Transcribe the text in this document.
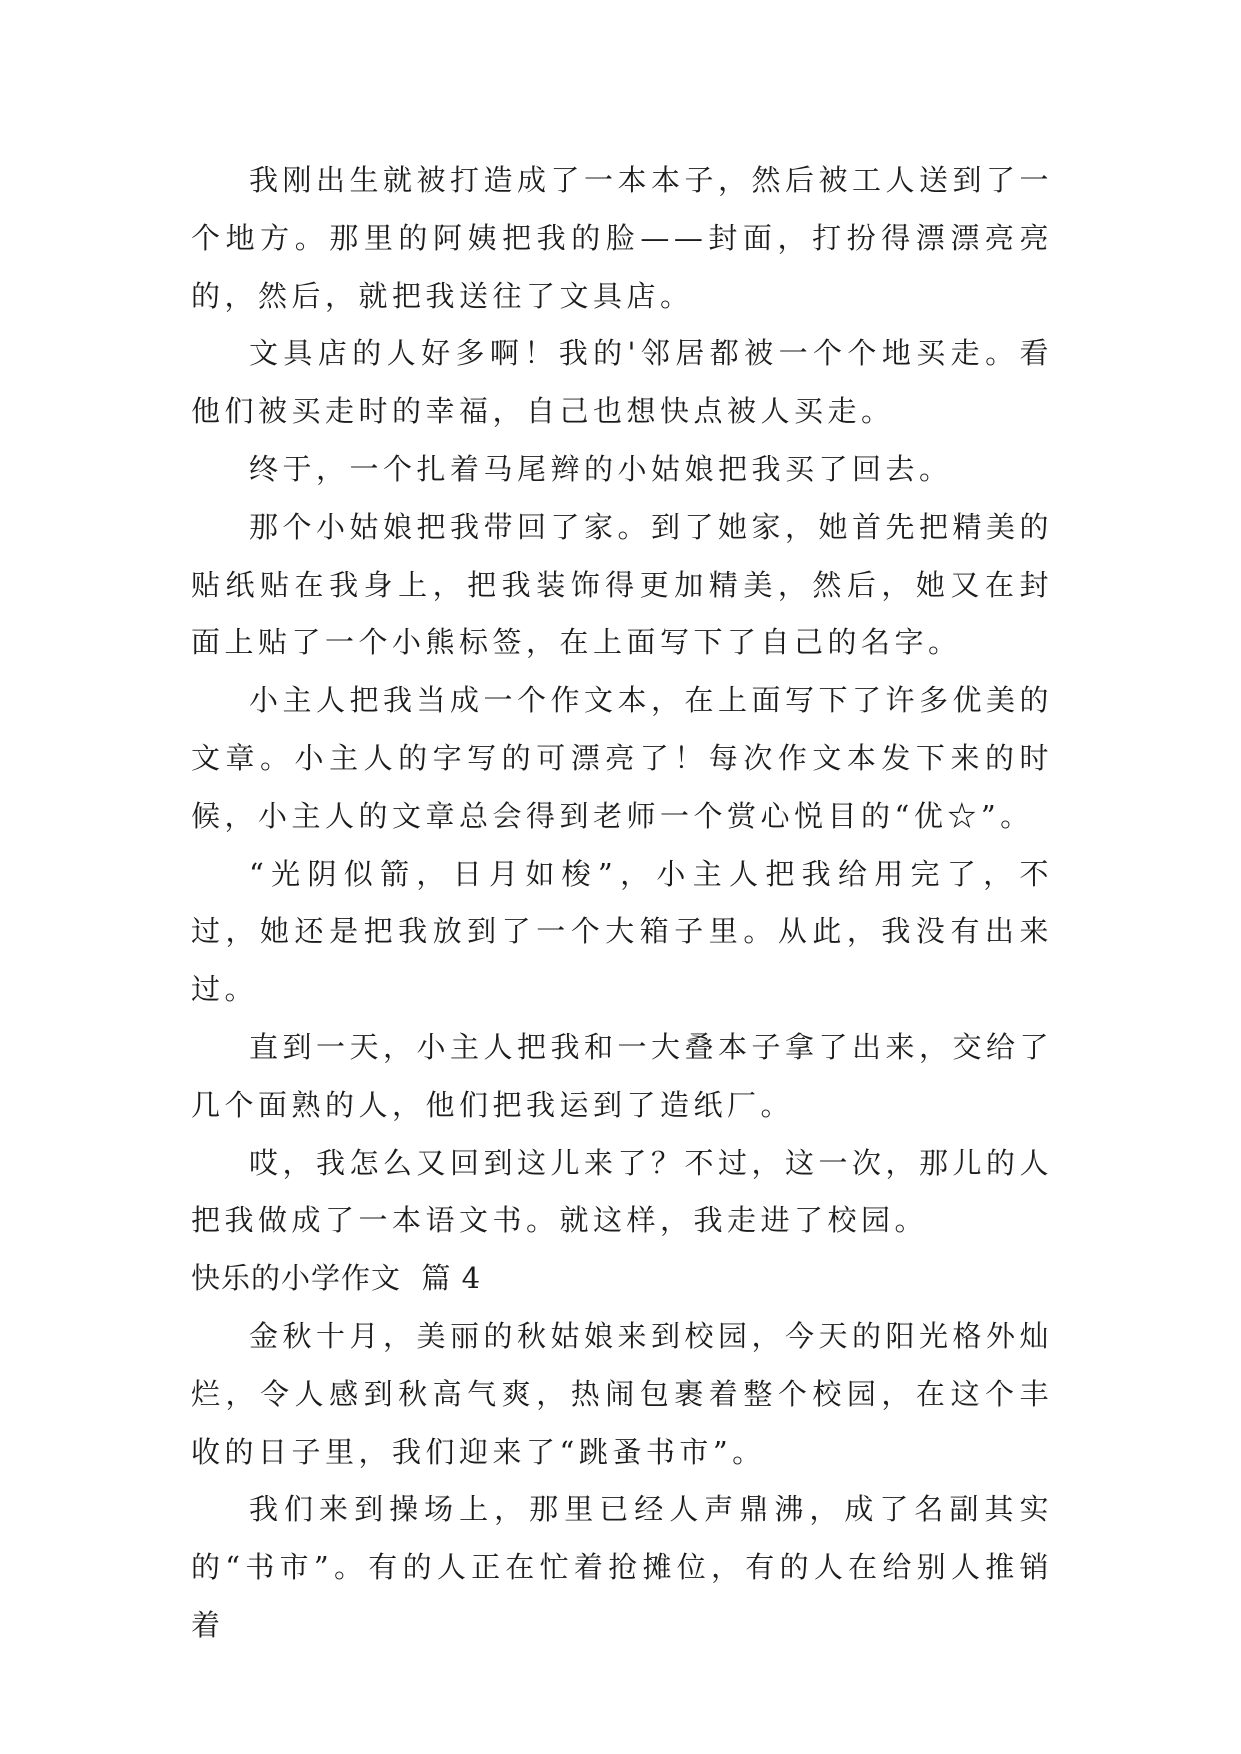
我刚出生就被打造成了一本本子，然后被工人送到了一个地方。那里的阿姨把我的脸——封面，打扮得漂漂亮亮的，然后，就把我送往了文具店。

文具店的人好多啊！我的'邻居都被一个个地买走。看他们被买走时的幸福，自己也想快点被人买走。

终于，一个扎着马尾辫的小姑娘把我买了回去。

那个小姑娘把我带回了家。到了她家，她首先把精美的贴纸贴在我身上，把我装饰得更加精美，然后，她又在封面上贴了一个小熊标签，在上面写下了自己的名字。

小主人把我当成一个作文本，在上面写下了许多优美的文章。小主人的字写的可漂亮了！每次作文本发下来的时候，小主人的文章总会得到老师一个赏心悦目的“优☆”。

“光阴似箭，日月如梭”，小主人把我给用完了，不过，她还是把我放到了一个大箱子里。从此，我没有出来过。

直到一天，小主人把我和一大叠本子拿了出来，交给了几个面熟的人，他们把我运到了造纸厂。

哎，我怎么又回到这儿来了？不过，这一次，那儿的人把我做成了一本语文书。就这样，我走进了校园。

快乐的小学作文  篇 4

金秋十月，美丽的秋姑娘来到校园，今天的阳光格外灿烂，令人感到秋高气爽，热闹包裹着整个校园，在这个丰收的日子里，我们迎来了“跳蚤书市”。

我们来到操场上，那里已经人声鼎沸，成了名副其实的“书市”。有的人正在忙着抢摊位，有的人在给别人推销着
